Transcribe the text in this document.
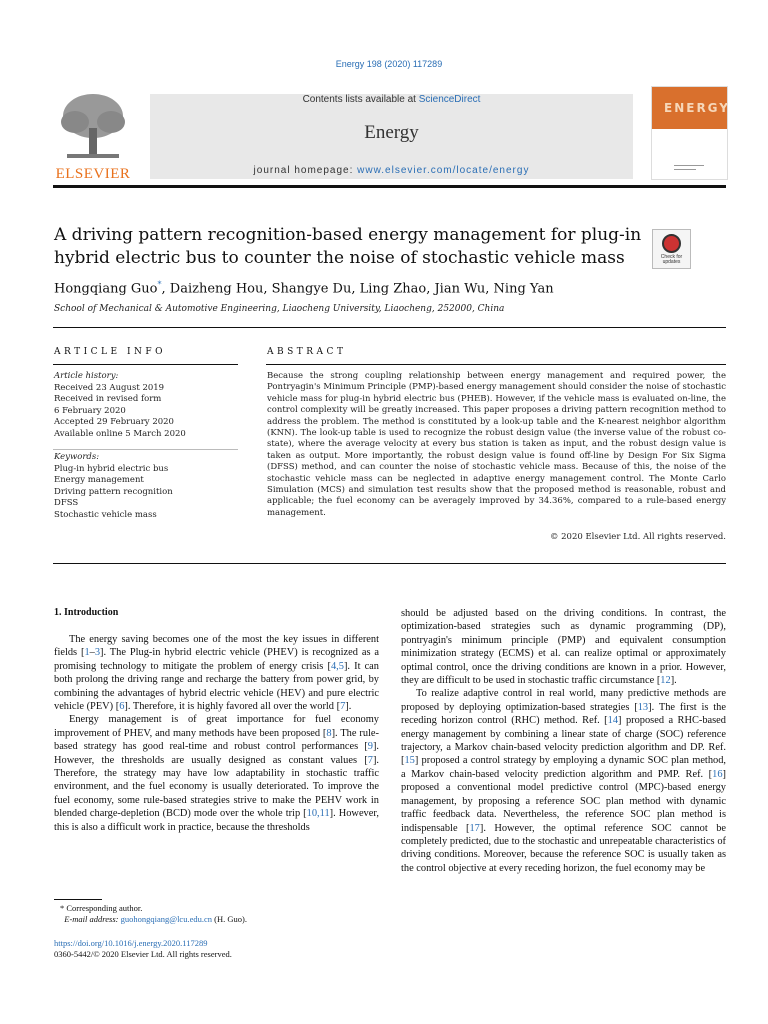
Energy 198 (2020) 117289
ELSEVIER
Contents lists available at ScienceDirect
Energy
journal homepage: www.elsevier.com/locate/energy
ENERGY
A driving pattern recognition-based energy management for plug-in hybrid electric bus to counter the noise of stochastic vehicle mass	Check for updates
Hongqiang Guo*, Daizheng Hou, Shangye Du, Ling Zhao, Jian Wu, Ning Yan
School of Mechanical & Automotive Engineering, Liaocheng University, Liaocheng, 252000, China
ARTICLE INFO
Article history:
Received 23 August 2019
Received in revised form
6 February 2020
Accepted 29 February 2020
Available online 5 March 2020
Keywords:
Plug-in hybrid electric bus
Energy management
Driving pattern recognition
DFSS
Stochastic vehicle mass
ABSTRACT
Because the strong coupling relationship between energy management and required power, the Pontryagin's Minimum Principle (PMP)-based energy management should consider the noise of stochastic vehicle mass for plug-in hybrid electric bus (PHEB). However, if the vehicle mass is evaluated on-line, the control complexity will be greatly increased. This paper proposes a driving pattern recognition method to address the problem. The method is constituted by a look-up table and the K-nearest neighbor algorithm (KNN). The look-up table is used to recognize the robust design value (the inverse value of the robust co-state), where the average velocity at every bus station is taken as input, and the robust design value is taken as output. More importantly, the robust design value is found off-line by Design For Six Sigma (DFSS) method, and can counter the noise of stochastic vehicle mass. Because of this, the noise of the stochastic vehicle mass can be neglected in adaptive energy management control. The Monte Carlo Simulation (MCS) and simulation test results show that the proposed method is reasonable, robust and applicable; the fuel economy can be averagely improved by 34.36%, compared to a rule-based energy management.
© 2020 Elsevier Ltd. All rights reserved.
1. Introduction

The energy saving becomes one of the most the key issues in different fields [1–3]. The Plug-in hybrid electric vehicle (PHEV) is recognized as a promising technology to mitigate the problem of energy crisis [4,5]. It can both prolong the driving range and recharge the battery from power grid, by combining the advantages of hybrid electric vehicle (HEV) and pure electric vehicle (PEV) [6]. Therefore, it is highly favored all over the world [7].

Energy management is of great importance for fuel economy improvement of PHEV, and many methods have been proposed [8]. The rule-based strategy has good real-time and robust control performances [9]. However, the thresholds are usually designed as constant values [7]. Therefore, the strategy may have low adaptability in stochastic traffic environment, and the fuel economy is usually deteriorated. To improve the fuel economy, some rule-based strategies strive to make the PEHV work in blended charge-depletion (BCD) mode over the whole trip [10,11]. However, this is also a difficult work in practice, because the thresholds

should be adjusted based on the driving conditions. In contrast, the optimization-based strategies such as dynamic programming (DP), pontryagin's minimum principle (PMP) and equivalent consumption minimization strategy (ECMS) et al. can realize optimal or approximately optimal control, once the driving conditions are known in a prior. However, they are difficult to be used in stochastic traffic circumstance [12].

To realize adaptive control in real world, many predictive methods are proposed by deploying optimization-based strategies [13]. The first is the receding horizon control (RHC) method. Ref. [14] proposed a RHC-based energy management by combining a linear state of charge (SOC) reference trajectory, a Markov chain-based velocity prediction algorithm and DP. Ref. [15] proposed a control strategy by employing a dynamic SOC plan method, a Markov chain-based velocity prediction algorithm and PMP. Ref. [16] proposed a conventional model predictive control (MPC)-based energy management, by proposing a reference SOC plan method with dynamic traffic feedback data. Nevertheless, the reference SOC plan method is indispensable [17]. However, the optimal reference SOC cannot be completely predicted, due to the stochastic and unrepeatable characteristics of driving conditions. Moreover, because the reference SOC is usually taken as the control objective at every receding horizon, the fuel economy may be

* Corresponding author.
E-mail address: guohongqiang@lcu.edu.cn (H. Guo).
https://doi.org/10.1016/j.energy.2020.117289
0360-5442/© 2020 Elsevier Ltd. All rights reserved.
